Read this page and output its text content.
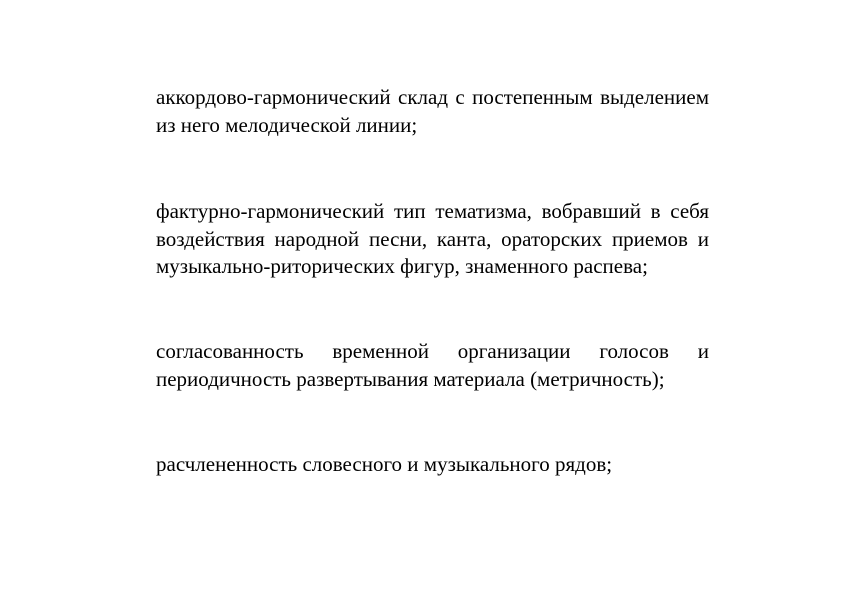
аккордово-гармонический склад с постепенным выделением из него мелодической линии;

фактурно-гармонический тип тематизма, вобравший в себя воздействия народной песни, канта, ораторских приемов и музыкально-риторических фигур, знаменного распева;

согласованность временной организации голосов и периодичность развертывания материала (метричность);

расчлененность словесного и музыкального рядов;
